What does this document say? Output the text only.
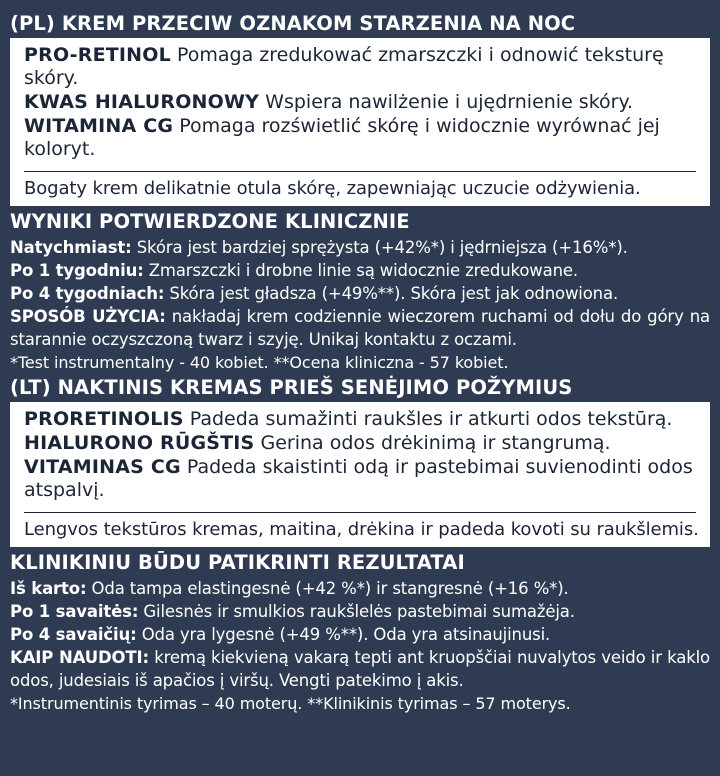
(PL) KREM PRZECIW OZNAKOM STARZENIA NA NOC
PRO-RETINOL Pomaga zredukować zmarszczki i odnowić teksturę skóry.
KWAS HIALURONOWY Wspiera nawilżenie i ujędrnienie skóry.
WITAMINA CG Pomaga rozświetlić skórę i widocznie wyrównać jej koloryt.
Bogaty krem delikatnie otula skórę, zapewniając uczucie odżywienia.
WYNIKI POTWIERDZONE KLINICZNIE
Natychmiast: Skóra jest bardziej sprężysta (+42%*) i jędrniejsza (+16%*).
Po 1 tygodniu: Zmarszczki i drobne linie są widocznie zredukowane.
Po 4 tygodniach: Skóra jest gładsza (+49%**). Skóra jest jak odnowiona.
SPOSÓB UŻYCIA: nakładaj krem codziennie wieczorem ruchami od dołu do góry na starannie oczyszczoną twarz i szyję. Unikaj kontaktu z oczami.
*Test instrumentalny - 40 kobiet. **Ocena kliniczna - 57 kobiet.
(LT) NAKTINIS KREMAS PRIEŠ SENĖJIMO POŽYMIUS
PRORETINOLIS Padeda sumažinti raukšles ir atkurti odos tekstūrą.
HIALURONO RŪGŠTIS Gerina odos drėkinimą ir stangrumą.
VITAMINAS CG Padeda skaistinti odą ir pastebimai suvienodinti odos atspalvį.
Lengvos tekstūros kremas, maitina, drėkina ir padeda kovoti su raukšlemis.
KLINIKINIU BŪDU PATIKRINTI REZULTATAI
Iš karto: Oda tampa elastingesnė (+42 %*) ir stangresnė (+16 %*).
Po 1 savaitės: Gilesnės ir smulkios raukšlelės pastebimai sumažėja.
Po 4 savaičių: Oda yra lygesnė (+49 %**). Oda yra atsinaujinusi.
KAIP NAUDOTI: kremą kiekvieną vakarą tepti ant kruopščiai nuvalytos veido ir kaklo odos, judesiais iš apačios į viršų. Vengti patekimo į akis.
*Instrumentinis tyrimas – 40 moterų. **Klinikinis tyrimas – 57 moterys.
